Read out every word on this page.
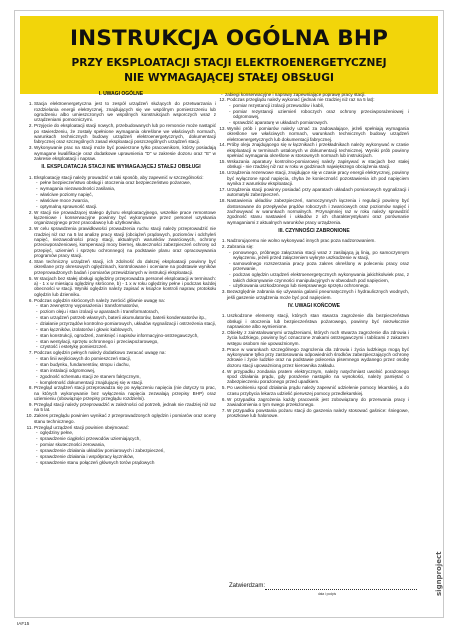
INSTRUKCJA OGÓLNA BHP
PRZY EKSPLOATACJI STACJI ELEKTROENERGETYCZNEJ
NIE WYMAGAJĄCEJ STAŁEJ OBSŁUGI
signproject
I. UWAGI OGÓLNE
1. Stacja elektroenergetyczna jest to zespół urządzeń służących do przetwarzania i rozdzielania energii elektrycznej, znajdujących się we wspólnym pomieszczeniu lub ogrodzeniu albo umieszczonych we wspólnych konstrukcjach wsporczych wraz z urządzeniami pomocniczymi.
2. Przyjęcie do eksploatacji stacji nowych, przebudowanych lub po remoncie może nastąpić po stwierdzeniu, że zostały spełnione wymagania określone we właściwych normach, warunkach technicznych budowy urządzeń elektroenergetycznych, dokumentacji fabrycznej oraz szczególnych zasad eksploatacji poszczególnych urządzeń stacji.
3. Wykonywanie prac na stacji może być powierzone tylko pracownikom, którzy posiadają wymagane kwalifikacje oraz dodatkowe uprawnienia "D" w zakresie dozoru oraz "E" w zakresie eksploatacji i napraw.
II. EKSPLOATACJA STACJI NIE WYMAGAJĄCEJ STAŁEJ OBSŁUGI
1. Eksploatację stacji należy prowadzić w taki sposób, aby zapewnić w szczególności:
- pełne bezpieczeństwo obsługi i otoczenia oraz bezpieczeństwo pożarowe,
- wymagania niezawodności zasilania,
- właściwe poziomy napięć,
- właściwe moce zwarcia,
- optymalną sprawność stacji.
2. W stacji nie prowadzącej stałego dyżuru eksploatacyjnego, wszelkie prace remontowe łączeniowe i konserwacyjne powinny być wykonywane przez personel uzyskania organizacyjnego przez pracodawcę lub użytkownika.
3. W celu sprawdzenia prawidłowości prowadzenia ruchu stacji należy przeprowadzić nie rzadziej niż raz na 5 lat analizę pracy stacji (obciążeń prądowych, poziomów i odchyleń napięć, niezawodności pracy stacji, aktualnych warunków zwarciowych, ochrony przeciwporażeniowej, kompensacji mocy biernej, skuteczności zabezpieczeń ochrony od przepięć, uziemień i sprzętu ochronnego) na podstawie planu oraz opracowywania programów pracy stacji.
4. Stan techniczny urządzeń stacji, ich zdolność do dalszej eksploatacji powinny być określane przy okresowych oględzinach, kontrolowane i oceniane na podstawie wyników przeprowadzonych badań i pomiarów przewidzianych w instrukcji eksploatacji.
5. W stacjach bez stałej obsługi oględziny przeprowadza personel eksploatacji w terminach: a) - 1 x w miesiącu oględziny skrócone, b) - 1 x w roku oględziny pełne i podczas każdej obecności w stacji. Wyniki oględzin należy zapisać w książce kontroli napraw, protokołu oględzin lub dzienniku.
6. Podczas oględzin skróconych należy zwrócić głównie uwagę na:
- stan zewnętrzny wyposażenia i transformatorów,
- poziom oleju i stan izolacji w aparatach i transformatorach,
- stan urządzeń potrzeb własnych, baterii akumulatorów, baterii kondensatorów itp.,
- działanie przyrządów kontrolno-pomiarowych, układów sygnalizacji i ostrzeżenia stacji,
- stan łączników, izolatorów i głowic kablowych,
- stan konstrukcji, ogrodzeń, zamknięć i napisów informacyjno-ostrzegawczych,
- stan wentylacji, sprzętu ochronnego i przeciwpożarowego,
- czystość i estetykę pomieszczeń.
7. Podczas oględzin pełnych należy dodatkowo zwracać uwagę na:
- stan linii wejściowych do pomieszczeń stacji,
- stan budynku, fundamentów, stropu i dachu,
- stan instalacji odgromowej,
- zgodność schematu stacji ze stanem faktycznym,
- kompletność dokumentacji znajdującej się w stacji.
8. Przegląd urządzeń stacji przeprowadza się po wyłączeniu napięcia (nie dotyczy to prac, na których wykonywanie bez wyłączenia napięcia zezwalają przepisy BHP) oraz uziemieniu (obowiązuje przepisy przeglądu rozdzielni).
9. Przegląd stacji należy przeprowadzić w zależności od potrzeb, jednak nie rzadziej niż raz na 5 lat.
10. Zakres przeglądu powinien wynikać z przeprowadzonych oględzin i pomiarów oraz oceny stanu technicznego.
11. Przegląd urządzeń stacji powinien obejmować:
- oględziny pełne,
- sprawdzenie ciągłości przewodów uziemiających,
- pomiar skuteczności zerowania,
- sprawdzenie działania układów pomiarowych i zabezpieczeń,
- sprawdzenie działania i współpracy łączników,
- sprawdzenie stanu połączeń głównych torów prądowych
- zabiegi konserwacyjne i naprawy zapewniające poprawę pracy stacji.
12. Podczas przeglądu należy wykonać (jednak nie rzadziej niż raz na 5 lat):
- pomiar rezystancji izolacji przewodów i kabli,
- pomiar rezystancji uziemień roboczych oraz ochrony przeciwporażeniowej i odgromowej,
- sprawdzić aparaturę w układach pomiarowych.
13. Wyniki prób i pomiarów należy uznać za zadowalające, jeżeli spełniają wymagania określone we właściwych normach, warunkach technicznych budowy urządzeń elektroenergetycznych lub dokumentacji fabrycznej.
14. Próby oleju znajdującego się w łącznikach i przekładnikach należy wykonywać w czasie eksploatacji w terminach ustalonych w dokumentacji technicznej. Wyniki prób powinny spełniać wymagania określone w stosownych normach lub instrukcjach.
15. Wskazania aparatury kontrolno-pomiarowej należy zapisywać w stacjach bez stałej obsługi - nie rzadziej niż raz w roku w godzinach największego obciążenia stacji.
16. Urządzenia rezerwowe stacji, znajdujące się w czasie pracy energii elektrycznej, powinny być wyłączone spod napięcia, chyba że konieczność pozostawienia ich pod napięciem wynika z warunków eksploatacji.
17. Urządzenia stacji powinny posiadać przy aparatach układach pomiarowych sygnalizacji i automatyki zabezpieczeń.
18. Nastawienia układów zabezpieczeń, samoczynnych łączenia i regulacji powinny być dostosowane do przepływów prądów roboczych i zwarciowych oraz poziomów napięć i zachowywać w warunkach normalnych. Przynajmniej raz w roku należy sprawdzić zgodność stanu nastawień i układów z ich charakterystykami oraz porównanie wymaganiami z aktualnych warunków pracy urządzenia.
III. CZYNNOŚCI ZABRONIONE
1. Nadzorującemu nie wolno wykonywać innych prac poza nadzorowaniem.
2. Zabrania się:
- ponownego, próbnego załączania stacji wraz z zasilającą ją linią, po samoczynnym wyłączeniu, jeżeli przed załączeniem wykryte uszkodzenie w stacji,
- samowolnego rozszerzania pracy poza zakres określony w poleceniu pracy oraz przerwanie,
- podczas oględzin urządzeń elektroenergetycznych wykonywania jakichkolwiek prac, z takich dokonywanie czynności manipulacyjnych w obwodach pod napięciem,
- użytkowania uszkodzonego lub niesprawnego sprzętu ochronnego.
3. Bezwzględnie zabrania się używania galanii pneumatycznych i hydraulicznych wodnych, jeśli gaszenie urządzenia może być pod napięciem.
IV. UWAGI KOŃCOWE
1. Uszkodzone elementy stacji, których stan stwarza zagrożenie dla bezpieczeństwa obsługi i otoczenia lub bezpieczeństwa pożarowego, powinny być niezwłocznie naprawione albo wymienione.
2. Obiekty z zainstalowanymi urządzeniami, których ruch stwarza zagrożenie dla zdrowia i życia ludzkiego, powinny być oznaczone znakami ostrzegawczymi i tablicami z zakazem wstępu osobom nie upoważnionym.
3. Prace w warunkach szczególnego zagrożenia dla zdrowia i życia ludzkiego mogą być wykonywane tylko przy zastosowaniu odpowiednich środków zabezpieczających ochronę zdrowie i życie ludzkie oraz na podstawie polecenia pisemnego wydanego przez osobę dozoru stacji upoważnioną przez kierownika zakładu.
4. W przypadku zondania pratem elektrycznym, należy natychmiast uwolnić porażonego spod działania prądu, gdy porażenie nastąpiło na wysokości, należy pamiętać o zabezpieczeniu porażonego przed upadkiem.
5. Po uwolnieniu spod działania prądu należy zapewnić udzielenie pomocy lekarskiej, a do czasu przybycia lekarza udzielić pierwszej pomocy przedlekarskiej.
6. W przypadku zagrożenia każdy pracownik jest zobowiązany do przerwania pracy i zawiadomienia o tym swego przełożonego.
7. W przypadku powstania pożaru stacji do gaszenia należy stosować gaśnice: śniegowe, proszkowe lub halonowe.
Zatwierdzam:
data i podpis
IAF15
